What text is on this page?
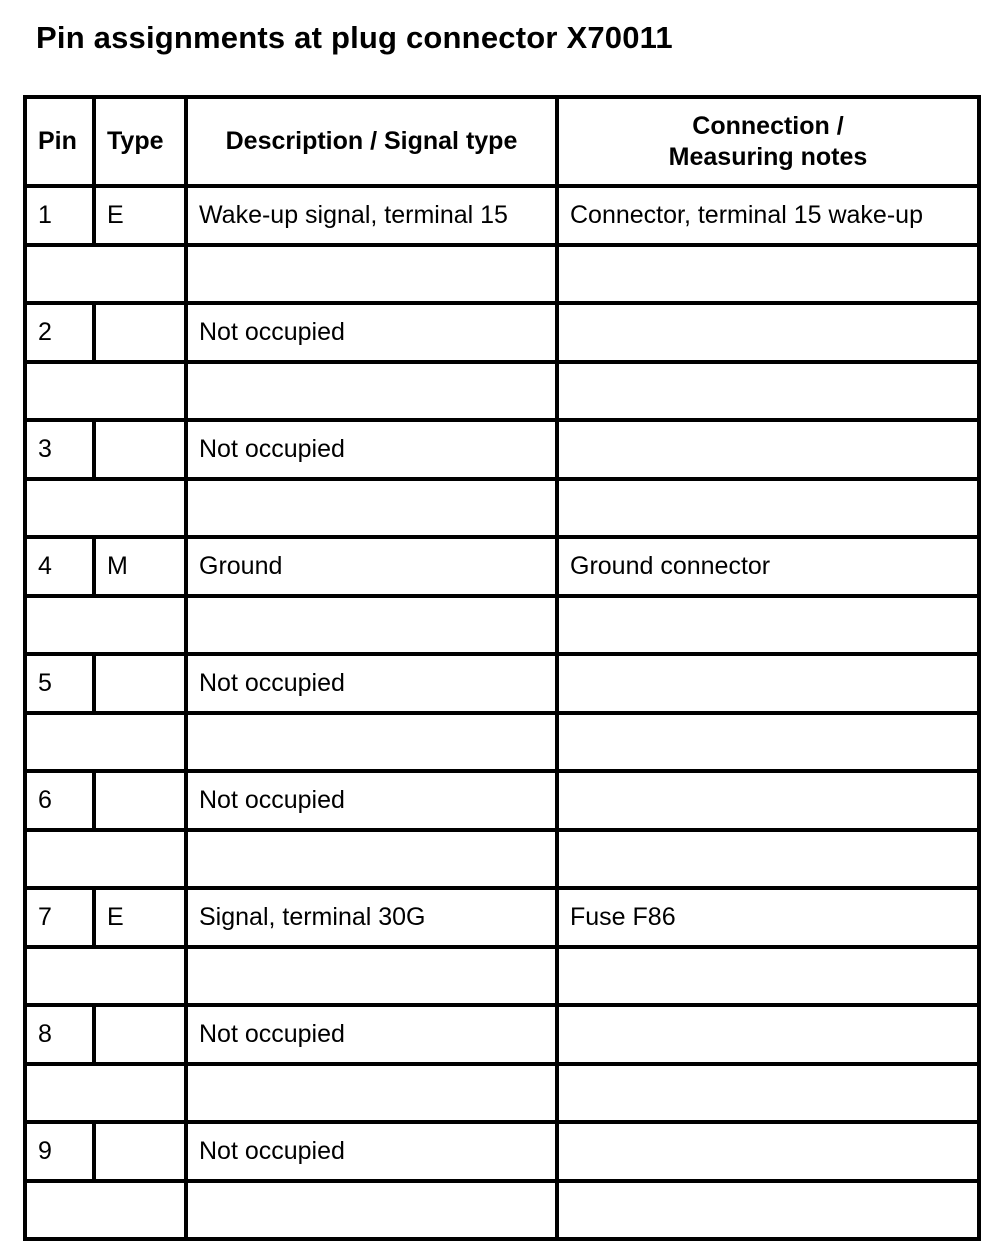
Pin assignments at plug connector X70011
Pin	Type	Description / Signal type	Connection /
Measuring notes
1	E	Wake-up signal, terminal 15	Connector, terminal 15 wake-up

2		Not occupied	

3		Not occupied	

4	M	Ground	Ground connector

5		Not occupied	

6		Not occupied	

7	E	Signal, terminal 30G	Fuse F86

8		Not occupied	

9		Not occupied	
